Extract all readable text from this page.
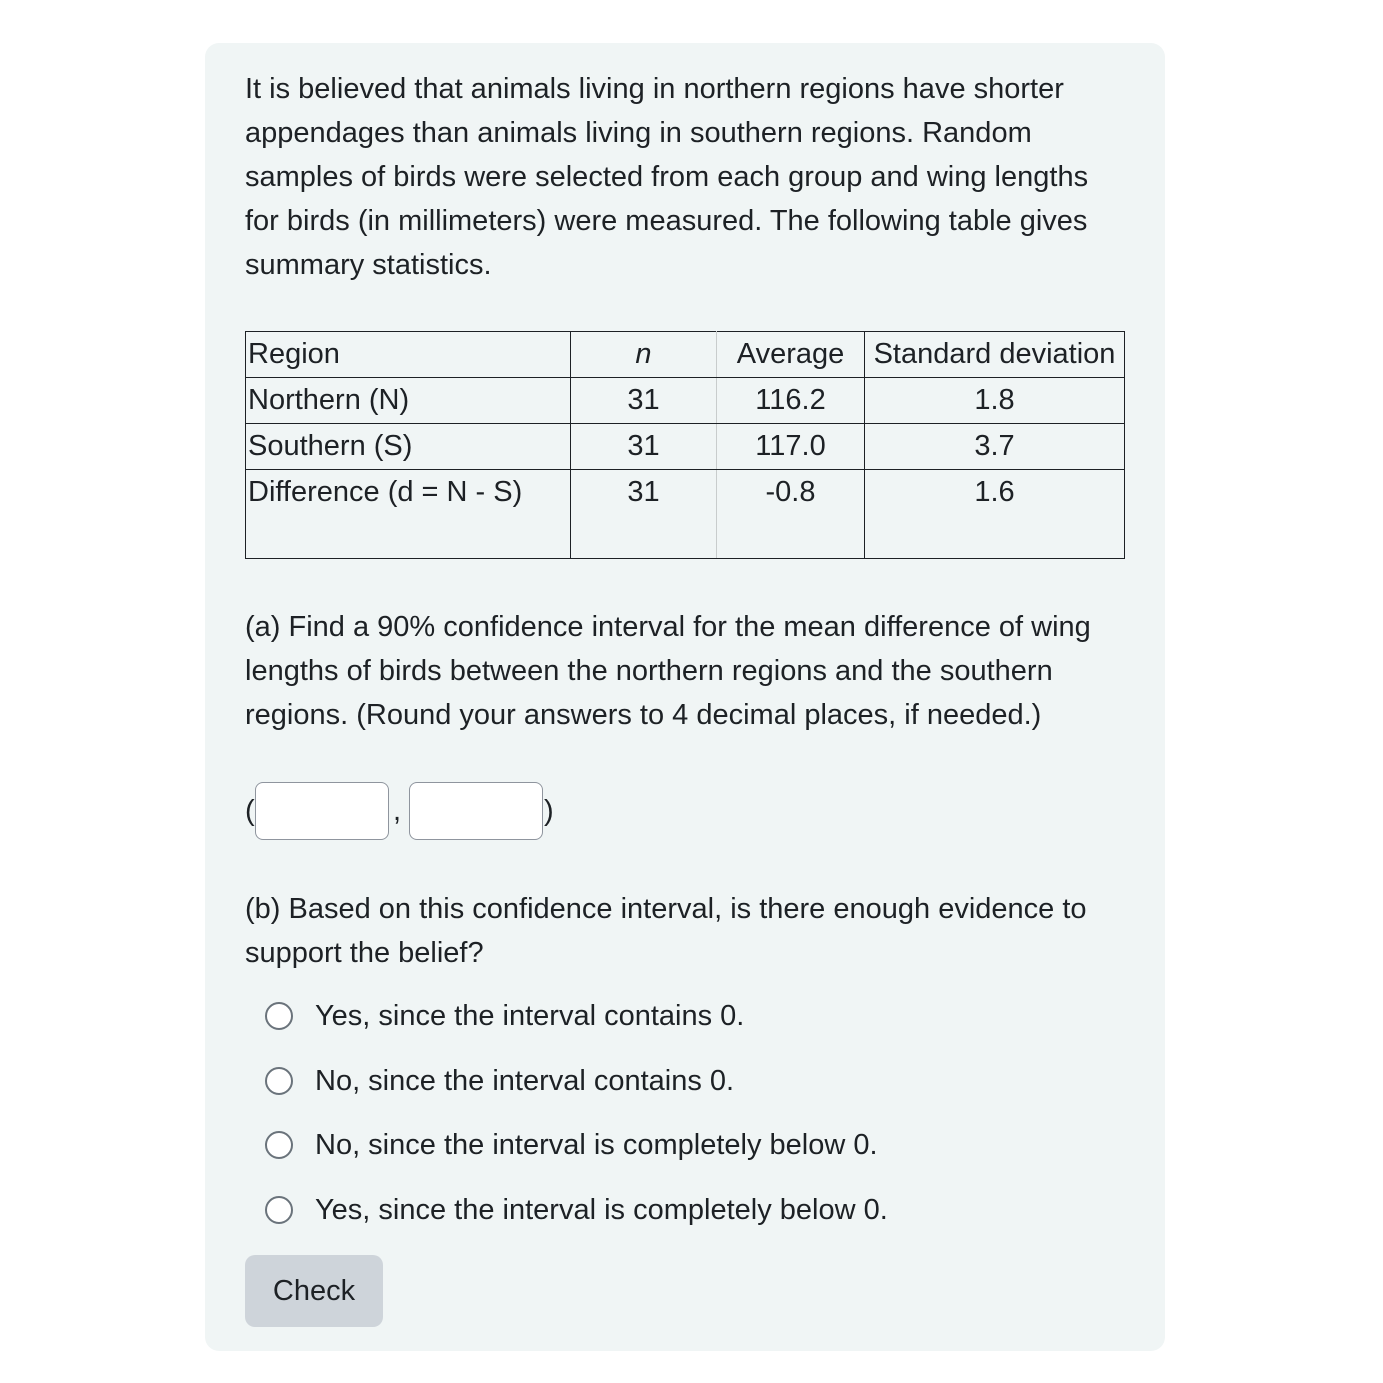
It is believed that animals living in northern regions have shorter appendages than animals living in southern regions. Random samples of birds were selected from each group and wing lengths for birds (in millimeters) were measured. The following table gives summary statistics.

Region	n	Average	Standard deviation
Northern (N)	31	116.2	1.8
Southern (S)	31	117.0	3.7
Difference (d = N - S)	31	-0.8	1.6

(a) Find a 90% confidence interval for the mean difference of wing lengths of birds between the northern regions and the southern regions. (Round your answers to 4 decimal places, if needed.)

(	,	)

(b) Based on this confidence interval, is there enough evidence to support the belief?

Yes, since the interval contains 0.
No, since the interval contains 0.
No, since the interval is completely below 0.
Yes, since the interval is completely below 0.
Check
